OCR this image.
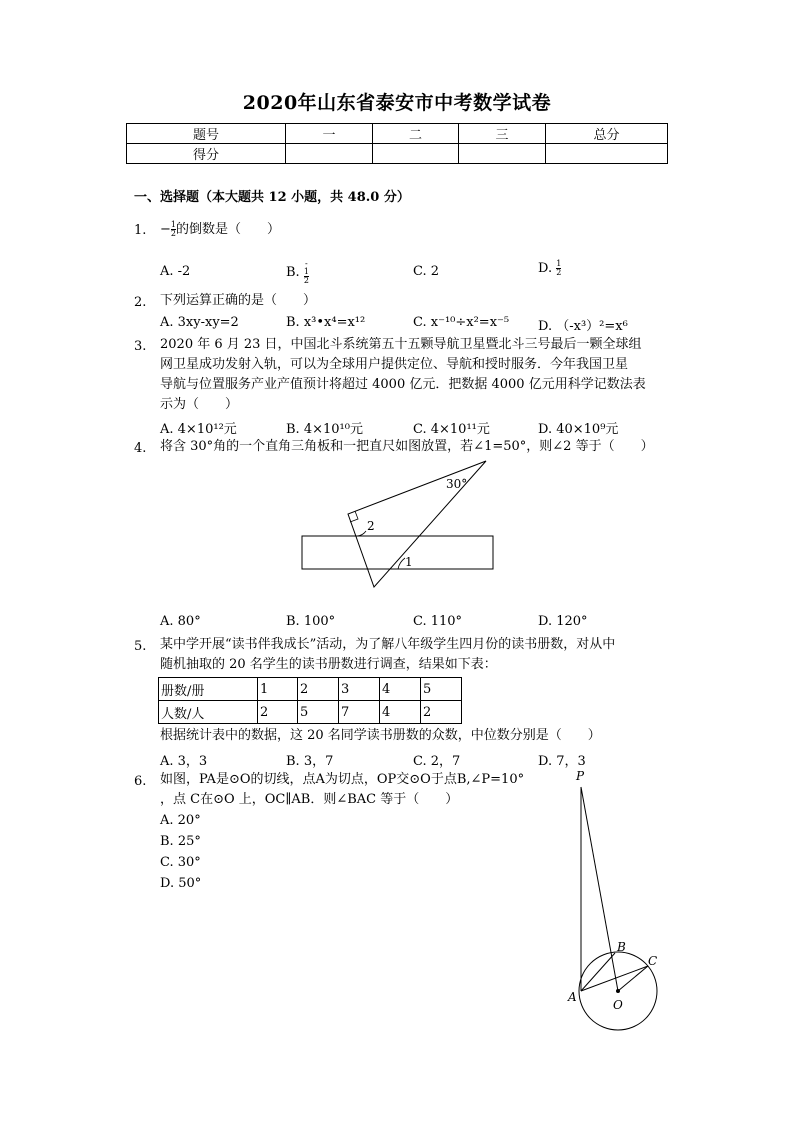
2020年山东省泰安市中考数学试卷
题号	一	二	三	总分
得分				
一、选择题（本大题共 12 小题，共 48.0 分）
1. − $\frac{1}{2}$ 的倒数是（　　）
A. -2	B.
-
1
2
C. 2	D. $\frac{1}{2}$
2. 下列运算正确的是（　　）
A. 3xy-xy=2	B. x³•x⁴=x¹²	C. x⁻¹⁰÷x²=x⁻⁵ D. （-x³）²=x⁶
3. 2020 年 6 月 23 日，中国北斗系统第五十五颗导航卫星暨北斗三号最后一颗全球组
网卫星成功发射入轨，可以为全球用户提供定位、导航和授时服务．今年我国卫星
导航与位置服务产业产值预计将超过 4000 亿元．把数据 4000 亿元用科学记数法表
示为（　　）
A. 4×10¹²元	B. 4×10¹⁰元	C. 4×10¹¹元	D. 40×10⁹元
4. 将含 30°角的一个直角三角板和一把直尺如图放置，若∠1=50°，则∠2 等于（　　）
30°
2
1
A. 80°	B. 100°	C. 110°	D. 120°
5. 某中学开展“读书伴我成长”活动，为了解八年级学生四月份的读书册数，对从中
随机抽取的 20 名学生的读书册数进行调查，结果如下表：
册数/册	1	2	3	4	5
人数/人	2	5	7	4	2
根据统计表中的数据，这 20 名同学读书册数的众数，中位数分别是（　　）
A. 3，3	B. 3，7	C. 2，7	D. 7，3
6. 如图，PA是⊙O的切线，点A为切点，OP交⊙O于点B,∠P=10°
，点 C在⊙O 上，OC∥AB．则∠BAC 等于（　　）
A. 20°
B. 25°
C. 30°
D. 50°
P
B
C
A
O
